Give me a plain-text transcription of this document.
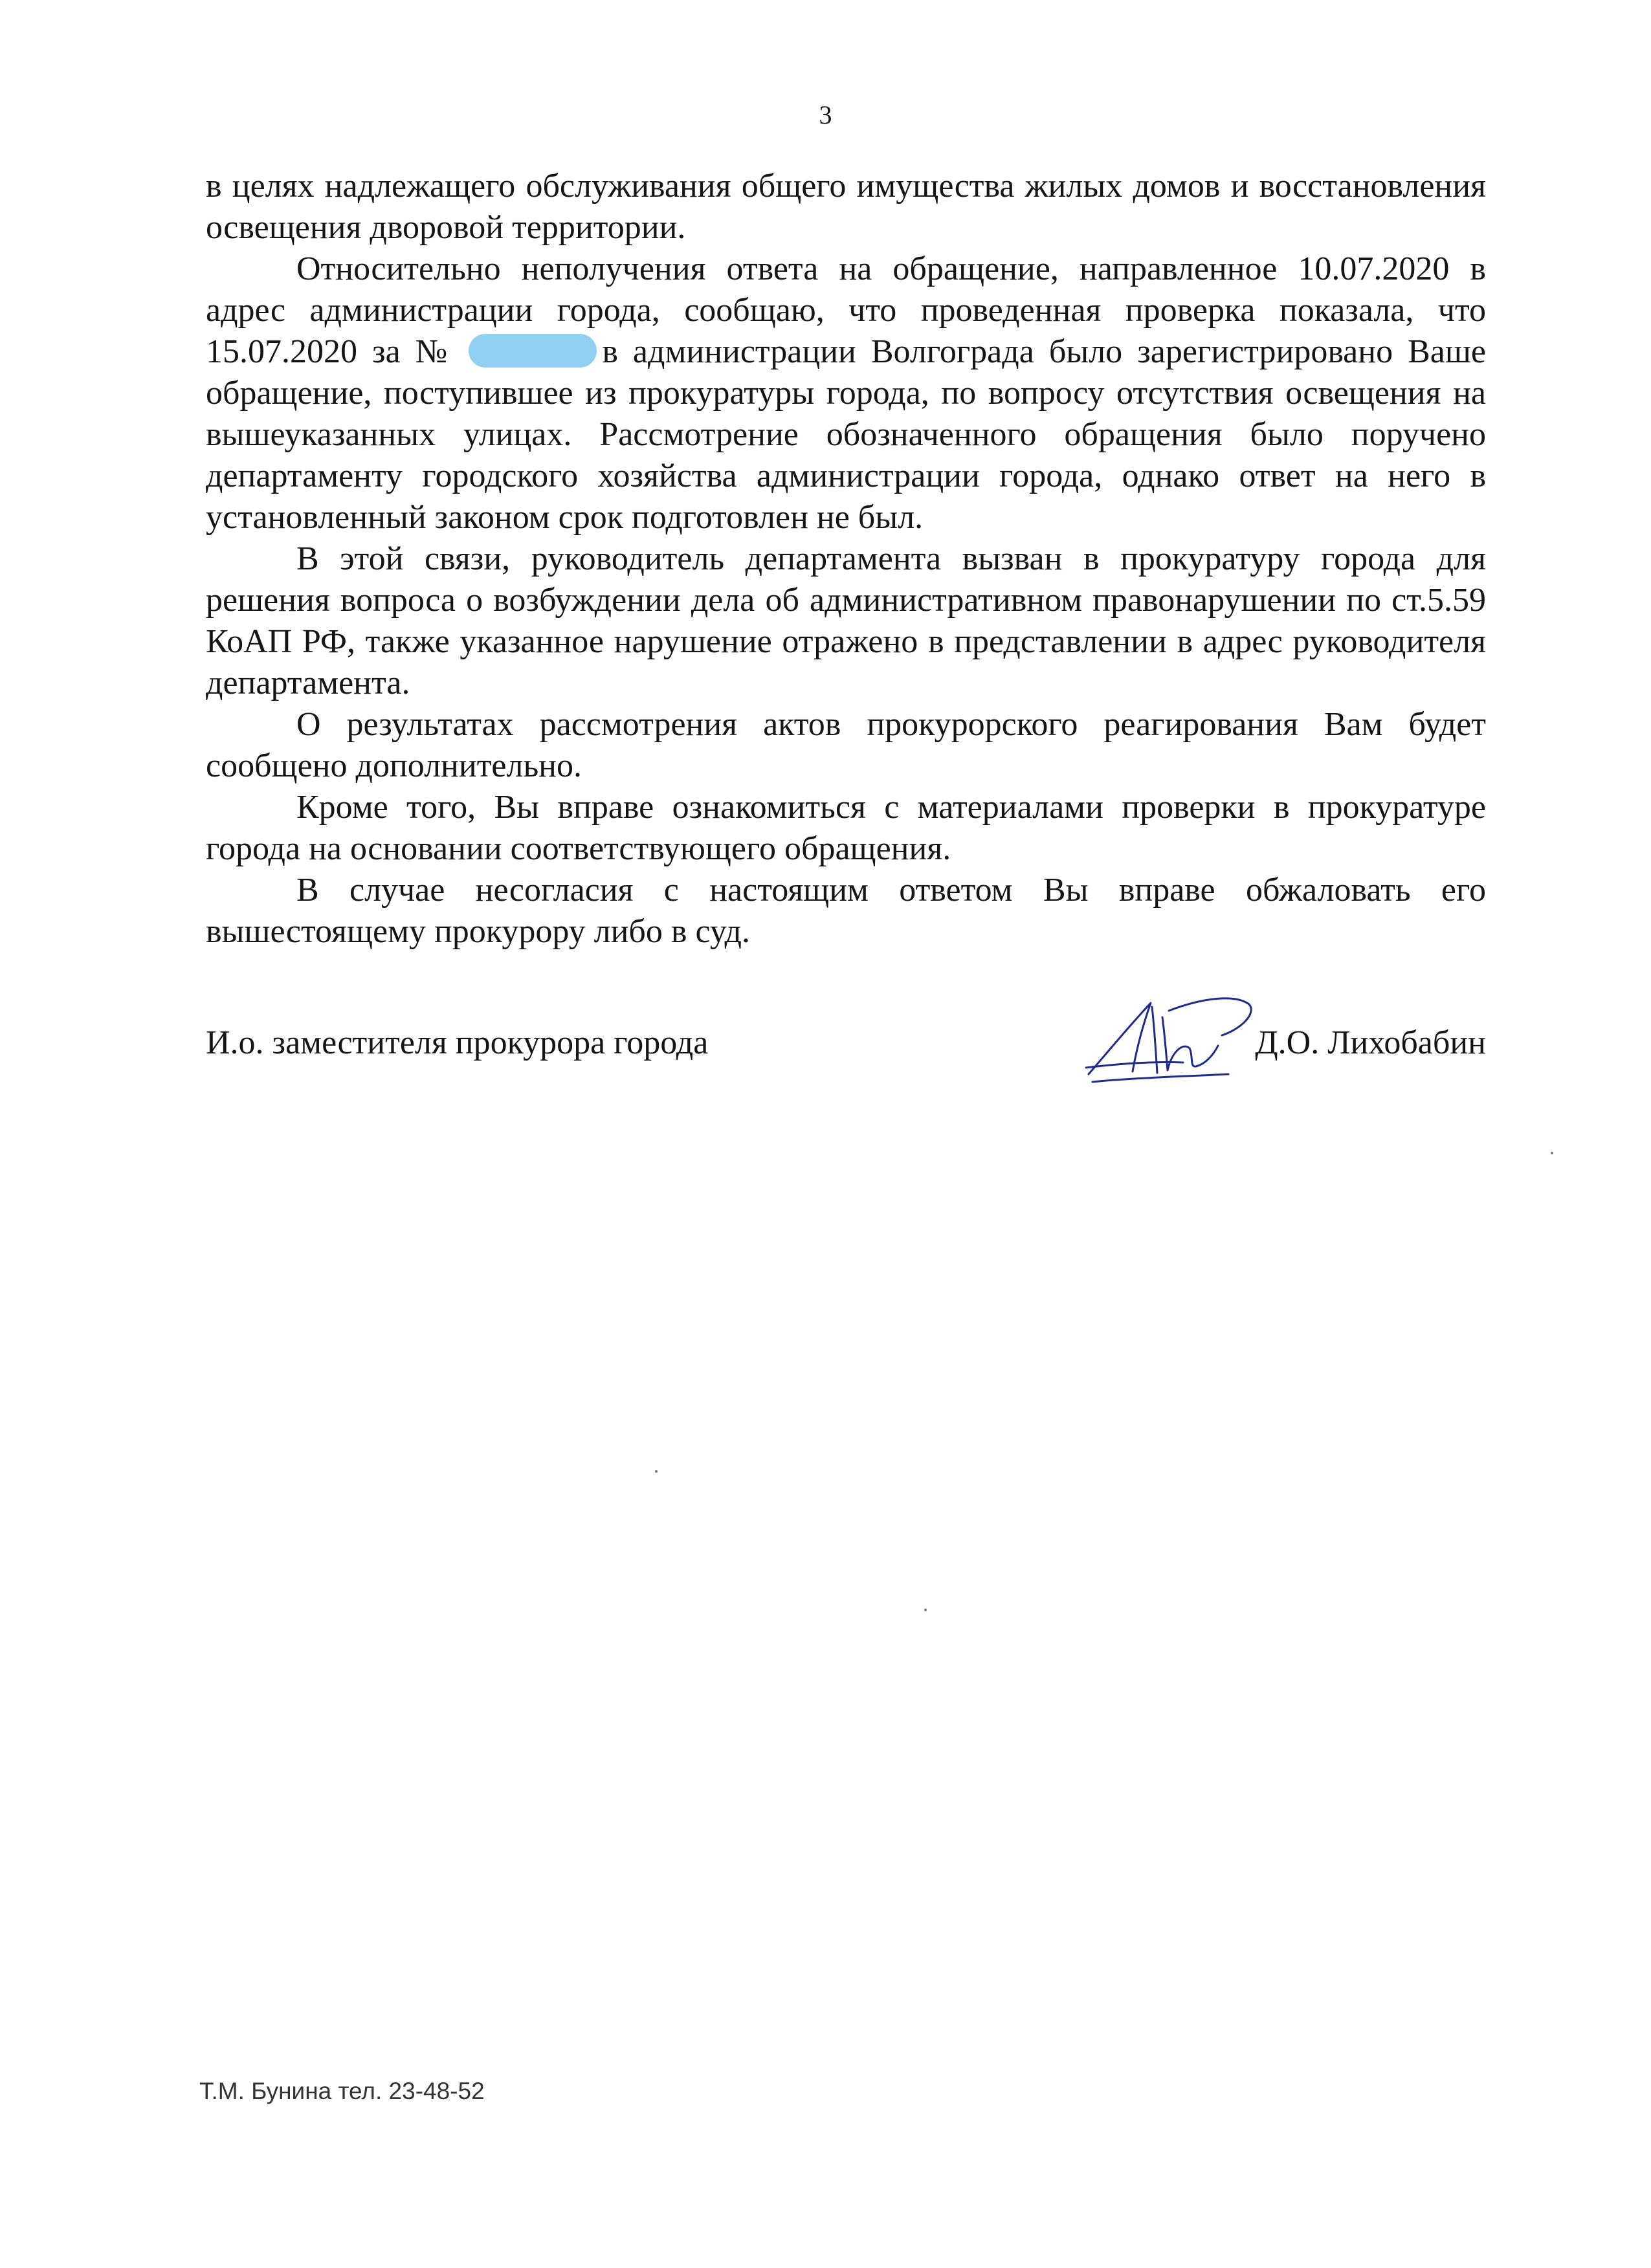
3

в целях надлежащего обслуживания общего имущества жилых домов и восстановления освещения дворовой территории.

Относительно неполучения ответа на обращение, направленное 10.07.2020 в адрес администрации города, сообщаю, что проведенная проверка показала, что 15.07.2020 за №	в администрации Волгограда было зарегистрировано Ваше обращение, поступившее из прокуратуры города, по вопросу отсутствия освещения на вышеуказанных улицах. Рассмотрение обозначенного обращения было поручено департаменту городского хозяйства администрации города, однако ответ на него в установленный законом срок подготовлен не был.

В этой связи, руководитель департамента вызван в прокуратуру города для решения вопроса о возбуждении дела об административном правонарушении по ст.5.59 КоАП РФ, также указанное нарушение отражено в представлении в адрес руководителя департамента.

О результатах рассмотрения актов прокурорского реагирования Вам будет сообщено дополнительно.

Кроме того, Вы вправе ознакомиться с материалами проверки в прокуратуре города на основании соответствующего обращения.

В случае несогласия с настоящим ответом Вы вправе обжаловать его вышестоящему прокурору либо в суд.

И.о. заместителя прокурора города	Д.О. Лихобабин
Т.М. Бунина тел. 23-48-52
